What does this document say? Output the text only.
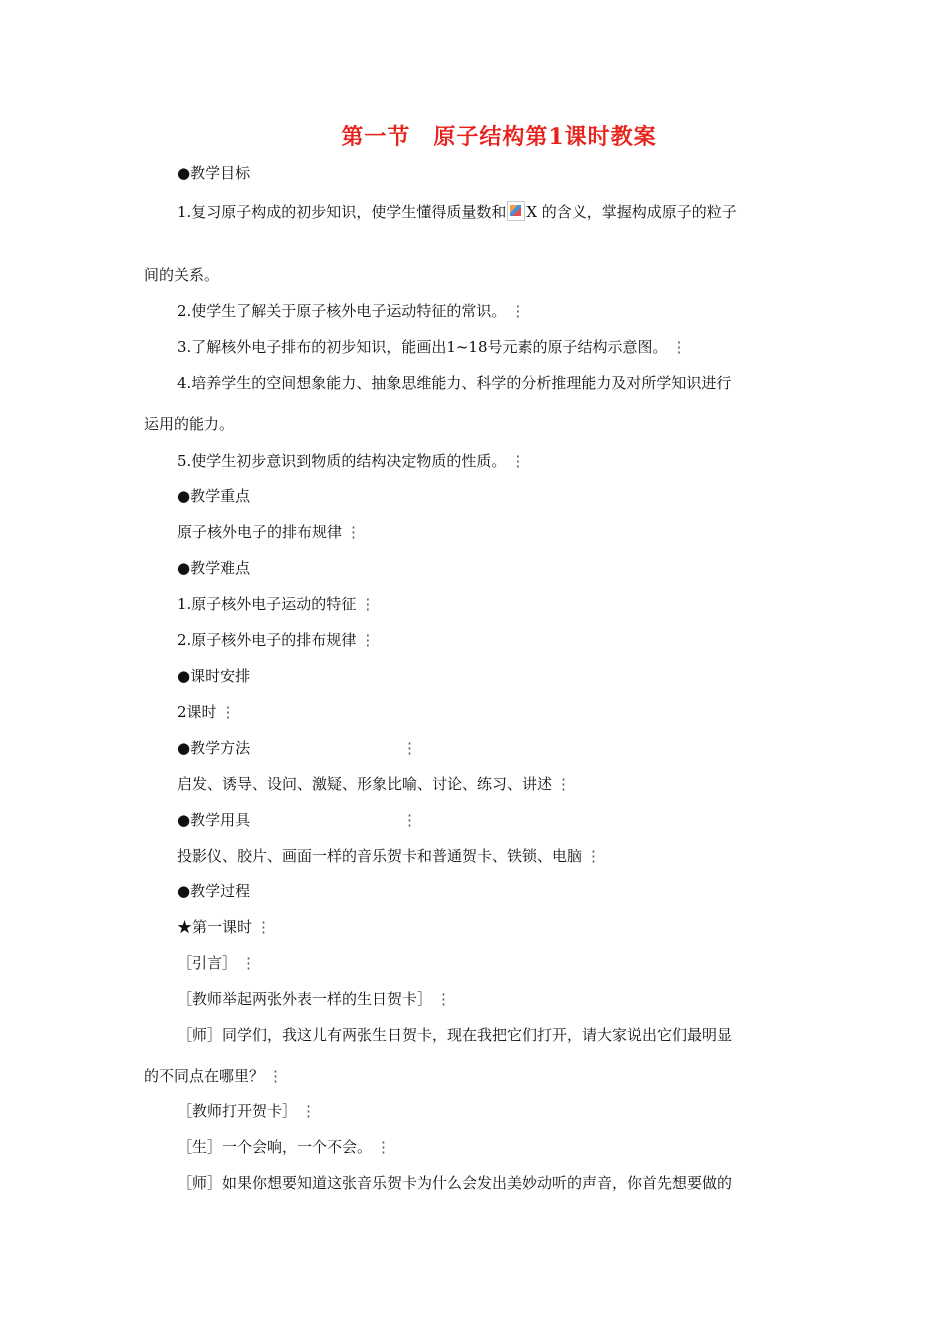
第一节　原子结构第1课时教案
●教学目标
1.复习原子构成的初步知识，使学生懂得质量数和 X 的含义，掌握构成原子的粒子
间的关系。
2.使学生了解关于原子核外电子运动特征的常识。 ⋮
3.了解核外电子排布的初步知识，能画出1~18号元素的原子结构示意图。 ⋮
4.培养学生的空间想象能力、抽象思维能力、科学的分析推理能力及对所学知识进行
运用的能力。
5.使学生初步意识到物质的结构决定物质的性质。 ⋮
●教学重点
原子核外电子的排布规律 ⋮
●教学难点
1.原子核外电子运动的特征 ⋮
2.原子核外电子的排布规律 ⋮
●课时安排
2课时 ⋮
●教学方法	⋮
启发、诱导、设问、激疑、形象比喻、讨论、练习、讲述 ⋮
●教学用具	⋮
投影仪、胶片、画面一样的音乐贺卡和普通贺卡、铁锁、电脑 ⋮
●教学过程
★第一课时 ⋮
［引言］ ⋮
［教师举起两张外表一样的生日贺卡］ ⋮
［师］同学们，我这儿有两张生日贺卡，现在我把它们打开，请大家说出它们最明显
的不同点在哪里？ ⋮
［教师打开贺卡］ ⋮
［生］一个会响，一个不会。 ⋮
［师］如果你想要知道这张音乐贺卡为什么会发出美妙动听的声音，你首先想要做的
